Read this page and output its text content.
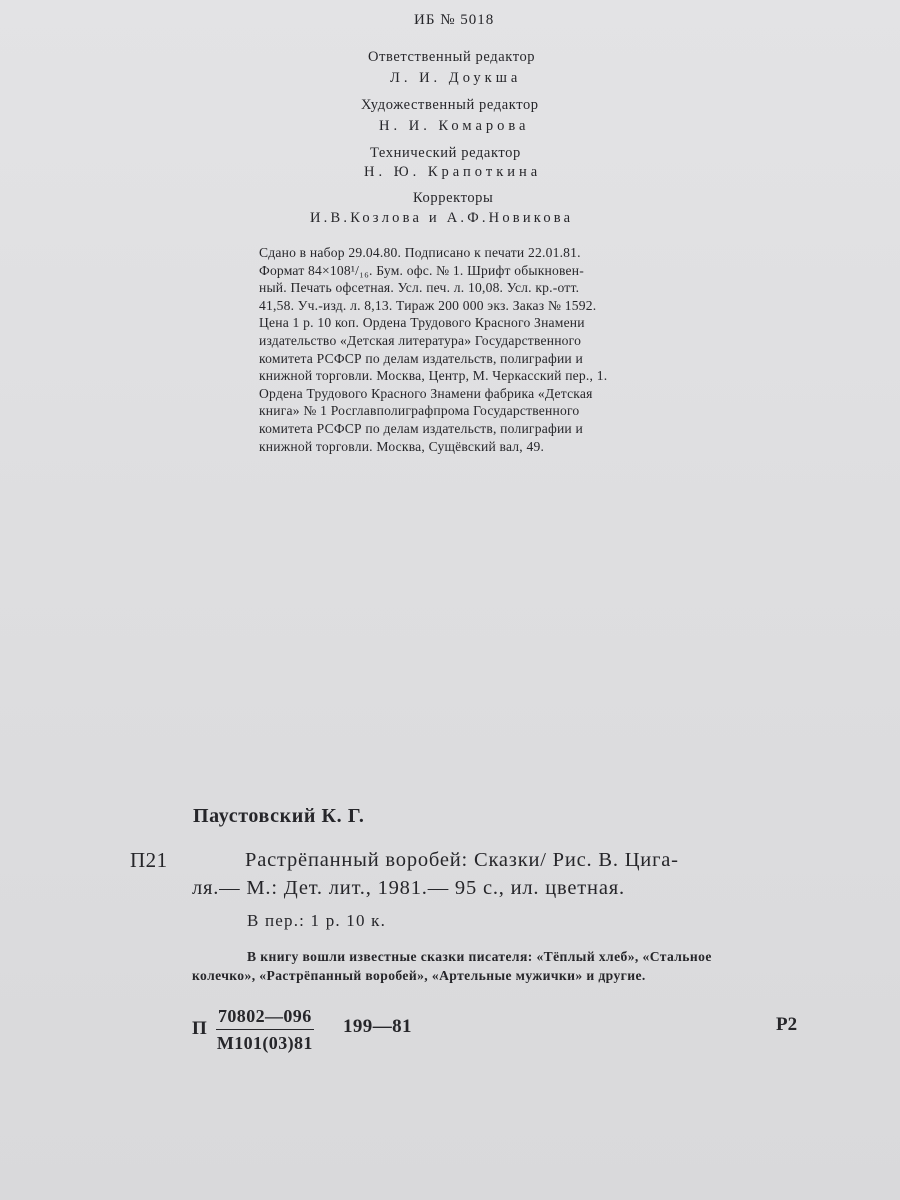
ИБ № 5018
Ответственный редактор
Л. И. Доукша
Художественный редактор
Н. И. Комарова
Технический редактор
Н. Ю. Крапоткина
Корректоры
И.В.Козлова и А.Ф.Новикова
Сдано в набор 29.04.80. Подписано к печати 22.01.81.
Формат 84×108¹/₁₆. Бум. офс. № 1. Шрифт обыкновен-
ный. Печать офсетная. Усл. печ. л. 10,08. Усл. кр.-отт.
41,58. Уч.-изд. л. 8,13. Тираж 200 000 экз. Заказ № 1592.
Цена 1 р. 10 коп. Ордена Трудового Красного Знамени
издательство «Детская литература» Государственного
комитета РСФСР по делам издательств, полиграфии и
книжной торговли. Москва, Центр, М. Черкасский пер., 1.
Ордена Трудового Красного Знамени фабрика «Детская
книга» № 1 Росглавполиграфпрома Государственного
комитета РСФСР по делам издательств, полиграфии и
книжной торговли. Москва, Сущёвский вал, 49.
Паустовский К. Г.
П21	Растрёпанный воробей: Сказки/ Рис. В. Цига-
ля.— М.: Дет. лит., 1981.— 95 с., ил. цветная.
В пер.: 1 р. 10 к.
В книгу вошли известные сказки писателя: «Тёплый хлеб», «Стальное
колечко», «Растрёпанный воробей», «Артельные мужички» и другие.
П
70802—096
М101(03)81
199—81	Р2
